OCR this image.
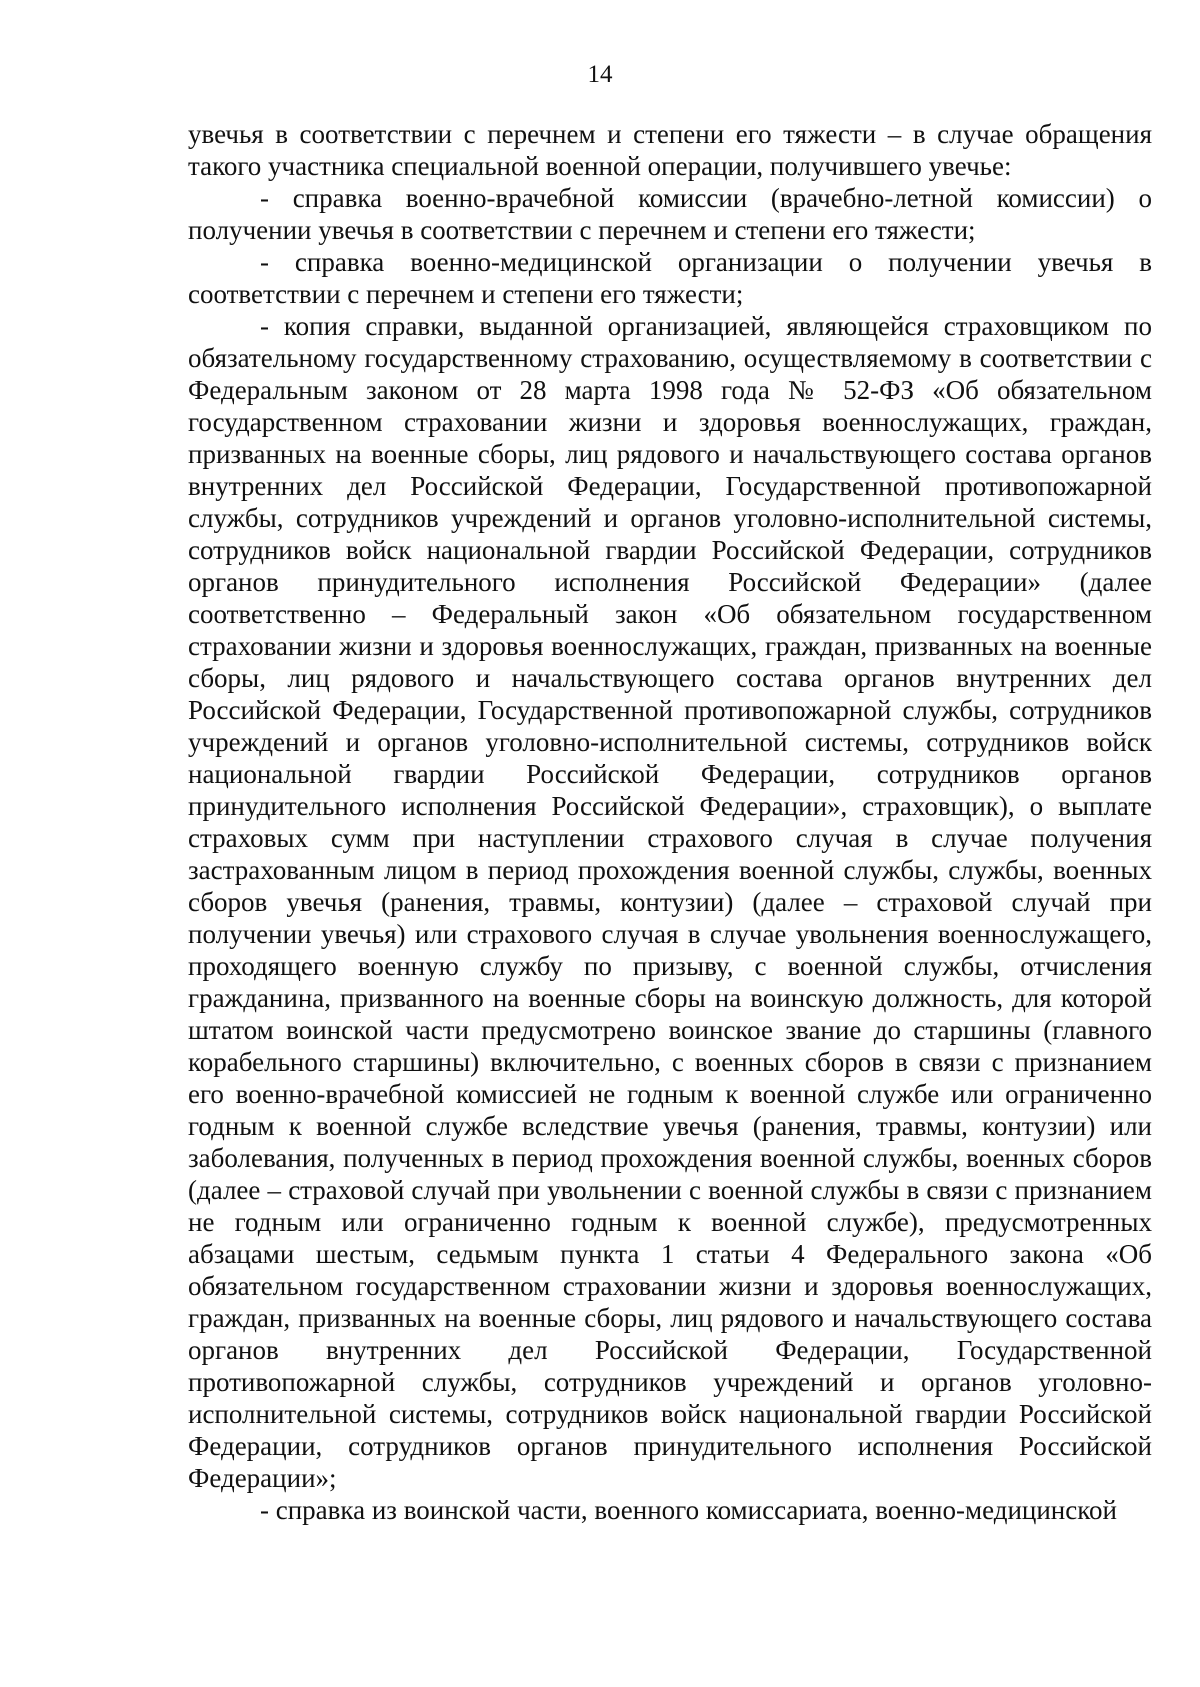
14

увечья в соответствии с перечнем и степени его тяжести – в случае обращения такого участника специальной военной операции, получившего увечье:

- справка военно-врачебной комиссии (врачебно-летной комиссии) о получении увечья в соответствии с перечнем и степени его тяжести;

- справка военно-медицинской организации о получении увечья в соответствии с перечнем и степени его тяжести;

- копия справки, выданной организацией, являющейся страховщиком по обязательному государственному страхованию, осуществляемому в соответствии с Федеральным законом от 28 марта 1998 года № 52-ФЗ «Об обязательном государственном страховании жизни и здоровья военнослужащих, граждан, призванных на военные сборы, лиц рядового и начальствующего состава органов внутренних дел Российской Федерации, Государственной противопожарной службы, сотрудников учреждений и органов уголовно-исполнительной системы, сотрудников войск национальной гвардии Российской Федерации, сотрудников органов принудительного исполнения Российской Федерации» (далее соответственно – Федеральный закон «Об обязательном государственном страховании жизни и здоровья военнослужащих, граждан, призванных на военные сборы, лиц рядового и начальствующего состава органов внутренних дел Российской Федерации, Государственной противопожарной службы, сотрудников учреждений и органов уголовно-исполнительной системы, сотрудников войск национальной гвардии Российской Федерации, сотрудников органов принудительного исполнения Российской Федерации», страховщик), о выплате страховых сумм при наступлении страхового случая в случае получения застрахованным лицом в период прохождения военной службы, службы, военных сборов увечья (ранения, травмы, контузии) (далее – страховой случай при получении увечья) или страхового случая в случае увольнения военнослужащего, проходящего военную службу по призыву, с военной службы, отчисления гражданина, призванного на военные сборы на воинскую должность, для которой штатом воинской части предусмотрено воинское звание до старшины (главного корабельного старшины) включительно, с военных сборов в связи с признанием его военно-врачебной комиссией не годным к военной службе или ограниченно годным к военной службе вследствие увечья (ранения, травмы, контузии) или заболевания, полученных в период прохождения военной службы, военных сборов (далее – страховой случай при увольнении с военной службы в связи с признанием не годным или ограниченно годным к военной службе), предусмотренных абзацами шестым, седьмым пункта 1 статьи 4 Федерального закона «Об обязательном государственном страховании жизни и здоровья военнослужащих, граждан, призванных на военные сборы, лиц рядового и начальствующего состава органов внутренних дел Российской Федерации, Государственной противопожарной службы, сотрудников учреждений и органов уголовно-исполнительной системы, сотрудников войск национальной гвардии Российской Федерации, сотрудников органов принудительного исполнения Российской Федерации»;

- справка из воинской части, военного комиссариата, военно-медицинской
